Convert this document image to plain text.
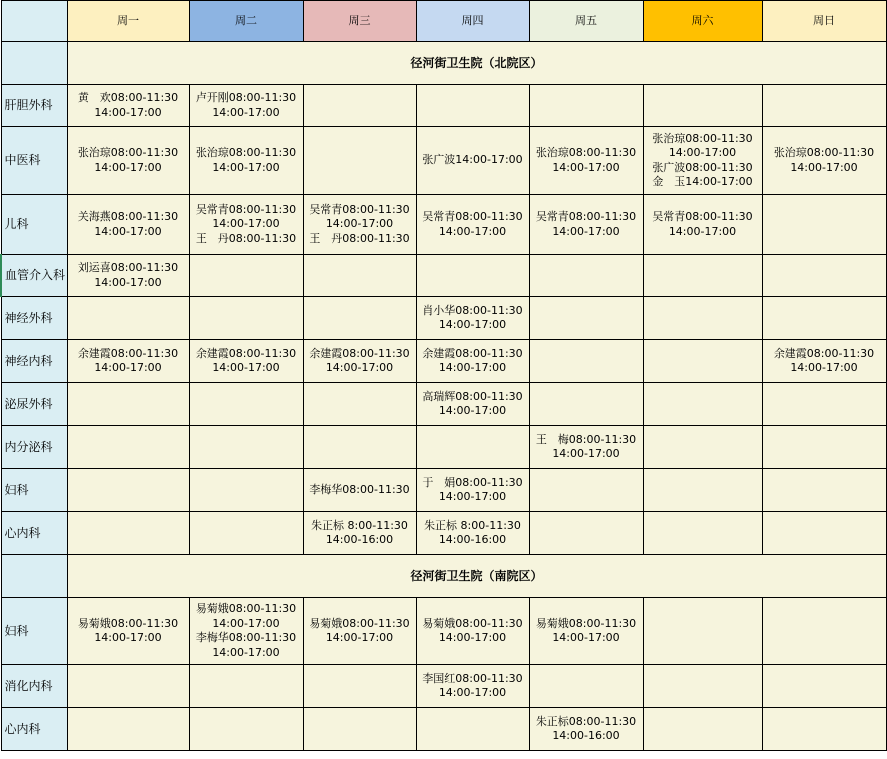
	周一	周二	周三	周四	周五	周六	周日
	径河街卫生院（北院区）						
肝胆外科	黄　欢08:00-11:30
14:00-17:00	卢开刚08:00-11:30
14:00-17:00					

中医科	张治琼08:00-11:30
14:00-17:00	张治琼08:00-11:30
14:00-17:00		张广波14:00-17:00	张治琼08:00-11:30
14:00-17:00	张治琼08:00-11:30
14:00-17:00
张广波08:00-11:30
金　玉14:00-17:00	张治琼08:00-11:30
14:00-17:00

儿科	关海燕08:00-11:30
14:00-17:00	吴常青08:00-11:30
14:00-17:00
王　丹08:00-11:30	吴常青08:00-11:30
14:00-17:00
王　丹08:00-11:30	吴常青08:00-11:30
14:00-17:00	吴常青08:00-11:30
14:00-17:00	吴常青08:00-11:30
14:00-17:00	

血管介入科	刘运喜08:00-11:30
14:00-17:00						

神经外科				肖小华08:00-11:30
14:00-17:00			

神经内科	余建霞08:00-11:30
14:00-17:00	余建霞08:00-11:30
14:00-17:00	余建霞08:00-11:30
14:00-17:00	余建霞08:00-11:30
14:00-17:00			余建霞08:00-11:30
14:00-17:00

泌尿外科				高瑞辉08:00-11:30
14:00-17:00			

内分泌科					王　梅08:00-11:30
14:00-17:00		

妇科			李梅华08:00-11:30	于　娟08:00-11:30
14:00-17:00			

心内科			朱正标 8:00-11:30
14:00-16:00	朱正标 8:00-11:30
14:00-16:00			

	径河街卫生院（南院区）						
妇科	易菊娥08:00-11:30
14:00-17:00	易菊娥08:00-11:30
14:00-17:00
李梅华08:00-11:30
14:00-17:00	易菊娥08:00-11:30
14:00-17:00	易菊娥08:00-11:30
14:00-17:00	易菊娥08:00-11:30
14:00-17:00		

消化内科				李国红08:00-11:30
14:00-17:00			

心内科					朱正标08:00-11:30
14:00-16:00		
